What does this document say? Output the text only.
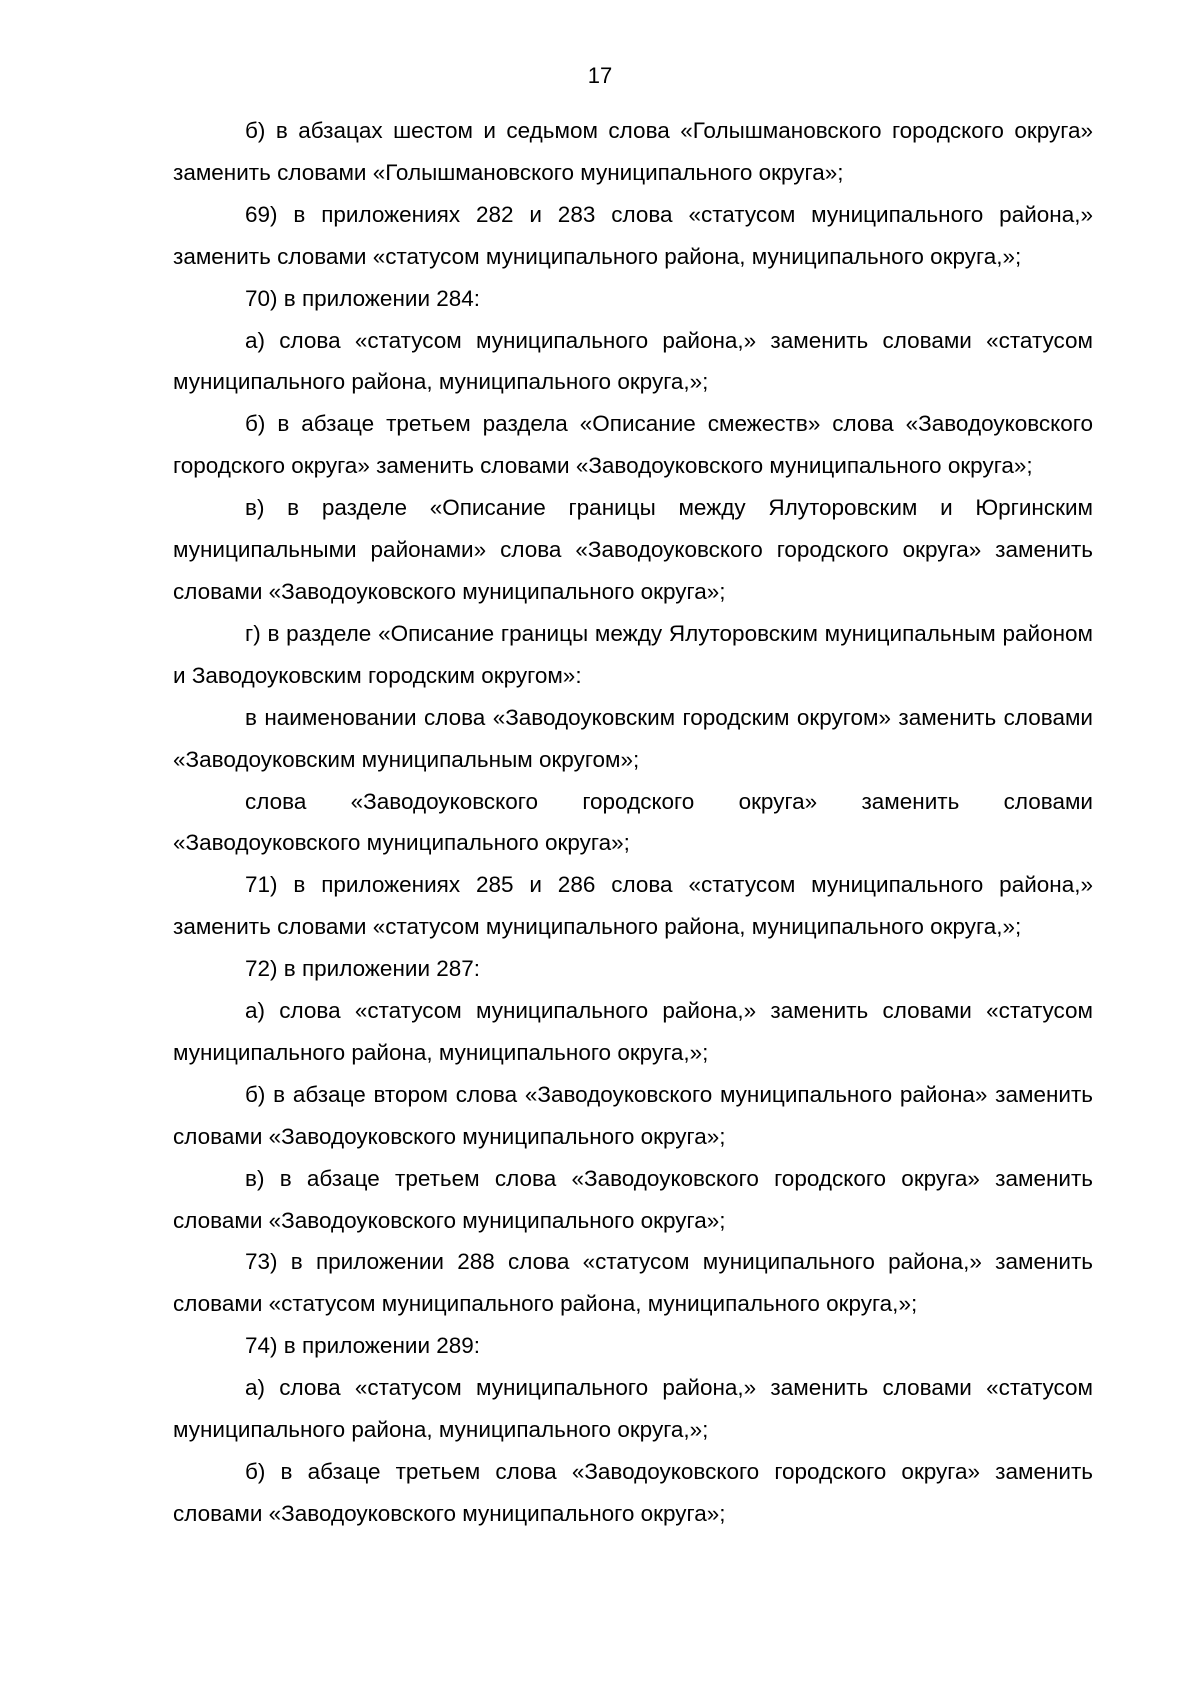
17

б) в абзацах шестом и седьмом слова «Голышмановского городского округа» заменить словами «Голышмановского муниципального округа»;

69) в приложениях 282 и 283 слова «статусом муниципального района,» заменить словами «статусом муниципального района, муниципального округа,»;

70) в приложении 284:

а) слова «статусом муниципального района,» заменить словами «статусом муниципального района, муниципального округа,»;

б) в абзаце третьем раздела «Описание смежеств» слова «Заводоуковского городского округа» заменить словами «Заводоуковского муниципального округа»;

в) в разделе «Описание границы между Ялуторовским и Юргинским муниципальными районами» слова «Заводоуковского городского округа» заменить словами «Заводоуковского муниципального округа»;

г) в разделе «Описание границы между Ялуторовским муниципальным районом и Заводоуковским городским округом»:

в наименовании слова «Заводоуковским городским округом» заменить словами «Заводоуковским муниципальным округом»;

слова «Заводоуковского городского округа» заменить словами «Заводоуковского муниципального округа»;

71) в приложениях 285 и 286 слова «статусом муниципального района,» заменить словами «статусом муниципального района, муниципального округа,»;

72) в приложении 287:

а) слова «статусом муниципального района,» заменить словами «статусом муниципального района, муниципального округа,»;

б) в абзаце втором слова «Заводоуковского муниципального района» заменить словами «Заводоуковского муниципального округа»;

в) в абзаце третьем слова «Заводоуковского городского округа» заменить словами «Заводоуковского муниципального округа»;

73) в приложении 288 слова «статусом муниципального района,» заменить словами «статусом муниципального района, муниципального округа,»;

74) в приложении 289:

а) слова «статусом муниципального района,» заменить словами «статусом муниципального района, муниципального округа,»;

б) в абзаце третьем слова «Заводоуковского городского округа» заменить словами «Заводоуковского муниципального округа»;
